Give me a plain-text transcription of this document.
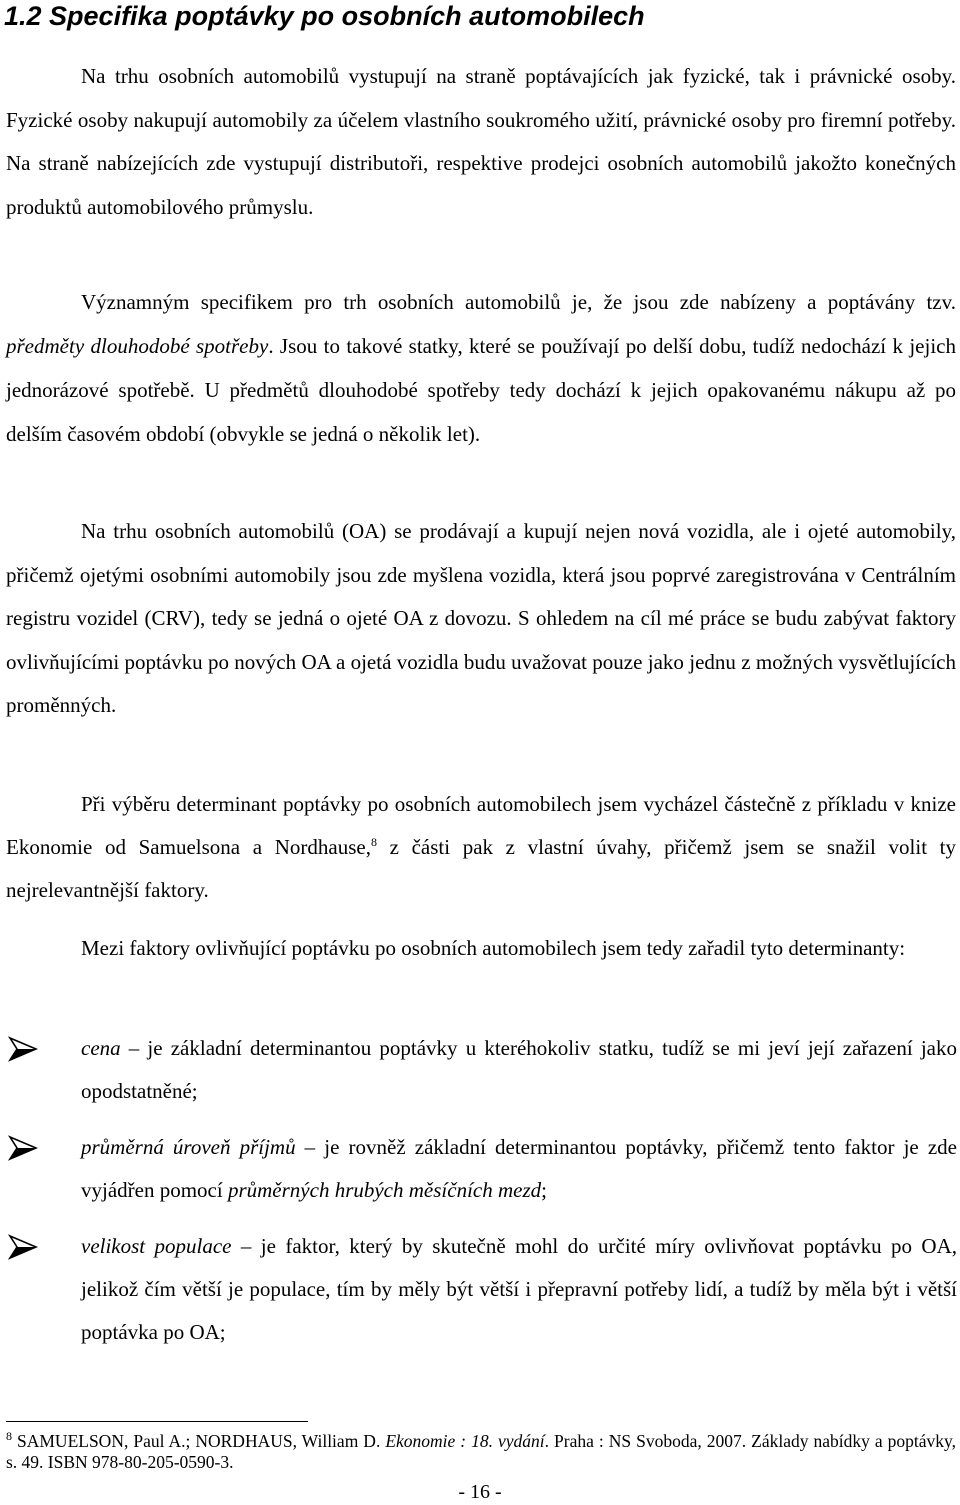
1.2 Specifika poptávky po osobních automobilech

Na trhu osobních automobilů vystupují na straně poptávajících jak fyzické, tak i právnické osoby. Fyzické osoby nakupují automobily za účelem vlastního soukromého užití, právnické osoby pro firemní potřeby. Na straně nabízejících zde vystupují distributoři, respektive prodejci osobních automobilů jakožto konečných produktů automobilového průmyslu.

Významným specifikem pro trh osobních automobilů je, že jsou zde nabízeny a poptávány tzv. předměty dlouhodobé spotřeby. Jsou to takové statky, které se používají po delší dobu, tudíž nedochází k jejich jednorázové spotřebě. U předmětů dlouhodobé spotřeby tedy dochází k jejich opakovanému nákupu až po delším časovém období (obvykle se jedná o několik let).

Na trhu osobních automobilů (OA) se prodávají a kupují nejen nová vozidla, ale i ojeté automobily, přičemž ojetými osobními automobily jsou zde myšlena vozidla, která jsou poprvé zaregistrována v Centrálním registru vozidel (CRV), tedy se jedná o ojeté OA z dovozu. S ohledem na cíl mé práce se budu zabývat faktory ovlivňujícími poptávku po nových OA a ojetá vozidla budu uvažovat pouze jako jednu z možných vysvětlujících proměnných.

Při výběru determinant poptávky po osobních automobilech jsem vycházel částečně z příkladu v knize Ekonomie od Samuelsona a Nordhause,$^8$ z části pak z vlastní úvahy, přičemž jsem se snažil volit ty nejrelevantnější faktory.

Mezi faktory ovlivňující poptávku po osobních automobilech jsem tedy zařadil tyto determinanty:

cena – je základní determinantou poptávky u kteréhokoliv statku, tudíž se mi jeví její zařazení jako opodstatněné;
průměrná úroveň příjmů – je rovněž základní determinantou poptávky, přičemž tento faktor je zde vyjádřen pomocí průměrných hrubých měsíčních mezd;
velikost populace – je faktor, který by skutečně mohl do určité míry ovlivňovat poptávku po OA, jelikož čím větší je populace, tím by měly být větší i přepravní potřeby lidí, a tudíž by měla být i větší poptávka po OA;
$^8$ SAMUELSON, Paul A.; NORDHAUS, William D. Ekonomie : 18. vydání. Praha : NS Svoboda, 2007. Základy nabídky a poptávky, s. 49. ISBN 978-80-205-0590-3.
- 16 -
